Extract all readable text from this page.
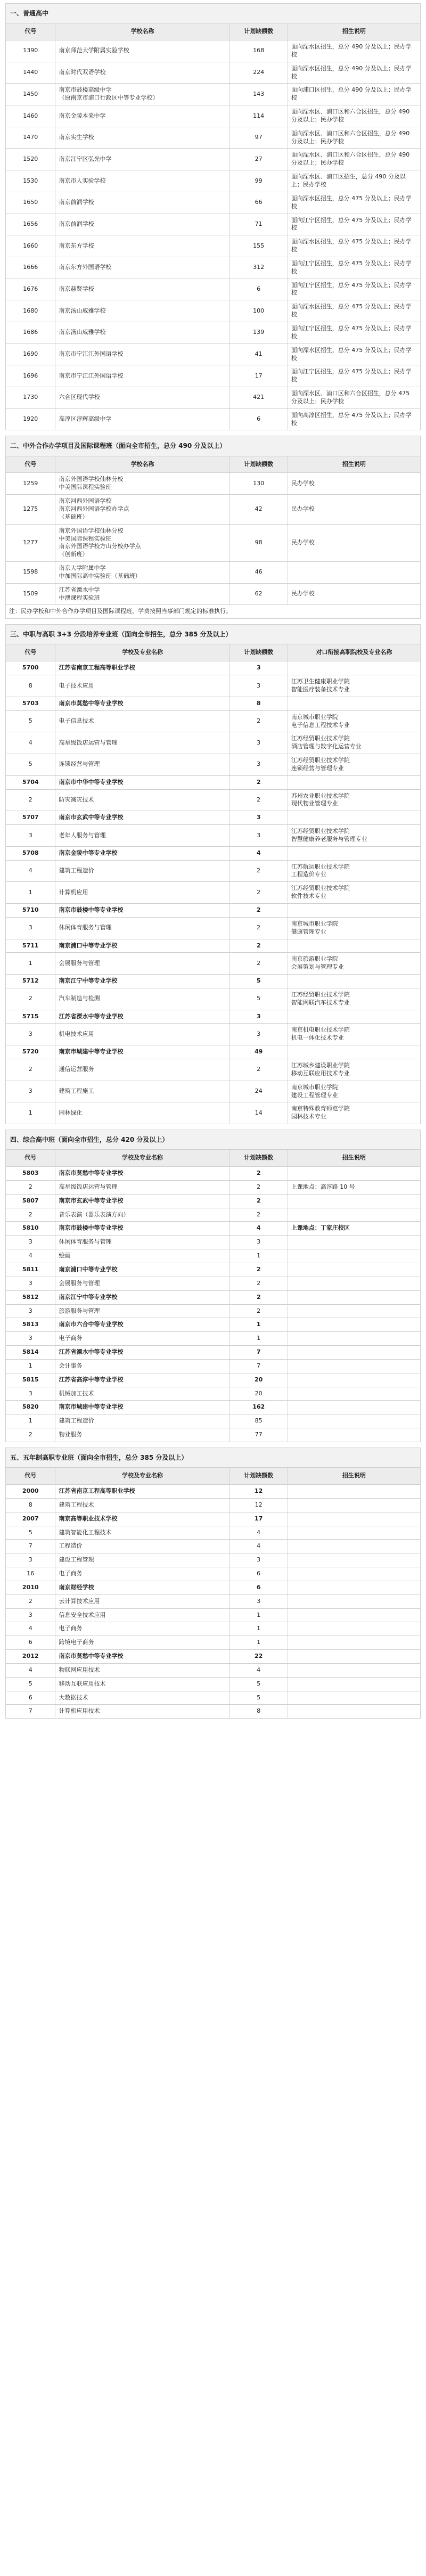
一、普通高中
代号	学校名称	计划缺额数	招生说明
1390	南京师范大学附属实验学校	168	面向溧水区招生，总分 490 分及以上；民办学校
1440	南京时代双语学校	224	面向溧水区招生，总分 490 分及以上；民办学校
1450	南京市鼓楼高级中学
（原南京市浦口行政区中等专业学校）	143	面向浦口区招生，总分 490 分及以上；民办学校
1460	南京金陵本来中学	114	面向溧水区、浦口区和六合区招生，总分 490 分及以上；民办学校
1470	南京实生学校	97	面向溧水区、浦口区和六合区招生，总分 490 分及以上；民办学校
1520	南京江宁区弘光中学	27	面向溧水区、浦口区和六合区招生，总分 490 分及以上；民办学校
1530	南京市人实验学校	99	面向溧水区、浦口区招生，总分 490 分及以上；民办学校
1650	南京前润学校	66	面向溧水区招生，总分 475 分及以上；民办学校
1656	南京前润学校	71	面向江宁区招生，总分 475 分及以上；民办学校
1660	南京东方学校	155	面向溧水区招生，总分 475 分及以上；民办学校
1666	南京东方外国语学校	312	面向江宁区招生，总分 475 分及以上；民办学校
1676	南京赫贤学校	6	面向江宁区招生，总分 475 分及以上；民办学校
1680	南京汤山威雅学校	100	面向溧水区招生，总分 475 分及以上；民办学校
1686	南京汤山威雅学校	139	面向江宁区招生，总分 475 分及以上；民办学校
1690	南京市宁江江外国语学校	41	面向溧水区招生，总分 475 分及以上；民办学校
1696	南京市宁江江外国语学校	17	面向江宁区招生，总分 475 分及以上；民办学校
1730	六合区现代学校	421	面向溧水区、浦口区和六合区招生，总分 475 分及以上；民办学校
1920	高淳区淳辉高级中学	6	面向高淳区招生，总分 475 分及以上；民办学校
二、中外合作办学项目及国际课程班（面向全市招生，总分 490 分及以上）
代号	学校名称	计划缺额数	招生说明
1259	南京外国语学校仙林分校
中美国际课程实验班	130	民办学校
1275	南京河西外国语学校
南京河西外国语学校办学点
（基础班）	42	民办学校
1277	南京外国语学校仙林分校
中美国际课程实验班
南京外国语学校方山分校办学点
（创新班）	98	民办学校
1598	南京大学附属中学
中加国际高中实验班（基础班）	46	
1509	江苏省溧水中学
中澳课程实验班	62	民办学校
注：民办学校和中外合作办学项目及国际课程班，学费按照当事部门规定的标准执行。			
三、中职与高职 3+3 分段培养专业班（面向全市招生，总分 385 分及以上）
代号	学校及专业名称	计划缺额数	对口衔接高职院校及专业名称
5700	江苏省南京工程高等职业学校	3	
8	电子技术应用	3	江苏卫生健康职业学院
智能医疗装备技术专业
5703	南京市莫愁中等专业学校	8	
5	电子信息技术	2	南京城市职业学院
电子信息工程技术专业
4	高星级饭店运营与管理	3	江苏经贸职业技术学院
酒店管理与数字化运营专业
5	连锁经营与管理	3	江苏经贸职业技术学院
连锁经营与管理专业
5704	南京市中华中等专业学校	2	
2	防灾减灾技术	2	苏州农业职业技术学院
现代物业管理专业
5707	南京市玄武中等专业学校	3	
3	老年人服务与管理	3	江苏经贸职业技术学院
智慧健康养老服务与管理专业
5708	南京金陵中等专业学校	4	
4	建筑工程造价	2	江苏航运职业技术学院
工程造价专业
1	计算机应用	2	江苏经贸职业技术学院
软件技术专业
5710	南京市鼓楼中等专业学校	2	
3	休闲体育服务与管理	2	南京城市职业学院
健康管理专业
5711	南京浦口中等专业学校	2	
1	会展服务与管理	2	南京旅游职业学院
会展策划与管理专业
5712	南京江宁中等专业学校	5	
2	汽车制造与检测	5	江苏经贸职业技术学院
智能网联汽车技术专业
5715	江苏省溧水中等专业学校	3	
3	机电技术应用	3	南京机电职业技术学院
机电一体化技术专业
5720	南京市城建中等专业学校	49	
2	通信运营服务	2	江苏城乡建设职业学院
移动互联应用技术专业
3	建筑工程施工	24	南京城市职业学院
建设工程管理专业
1	园林绿化	14	南京特殊教育师范学院
园林技术专业
四、综合高中班（面向全市招生，总分 420 分及以上）
代号	学校及专业名称	计划缺额数	招生说明
5803	南京市莫愁中等专业学校	2	
2	高星级饭店运营与管理	2	上课地点：高淳路 10 号
5807	南京市玄武中等专业学校	2	
2	音乐表演（器乐表演方向）	2	
5810	南京市鼓楼中等专业学校	4	上课地点：丁家庄校区
3	休闲体育服务与管理	3	
4	绘画	1	
5811	南京浦口中等专业学校	2	
3	会展服务与管理	2	
5812	南京江宁中等专业学校	2	
3	旅游服务与管理	2	
5813	南京市六合中等专业学校	1	
3	电子商务	1	
5814	江苏省溧水中等专业学校	7	
1	会计事务	7	
5815	江苏省高淳中等专业学校	20	
3	机械加工技术	20	
5820	南京市城建中等专业学校	162	
1	建筑工程造价	85	
2	物业服务	77	
五、五年制高职专业班（面向全市招生，总分 385 分及以上）
代号	学校及专业名称	计划缺额数	招生说明
2000	江苏省南京工程高等职业学校	12	
8	建筑工程技术	12	
2007	南京高等职业技术学校	17	
5	建筑智能化工程技术	4	
7	工程造价	4	
3	建设工程管理	3	
16	电子商务	6	
2010	南京财经学校	6	
2	云计算技术应用	3	
3	信息安全技术应用	1	
4	电子商务	1	
6	跨境电子商务	1	
2012	南京市莫愁中等专业学校	22	
4	物联网应用技术	4	
5	移动互联应用技术	5	
6	大数据技术	5	
7	计算机应用技术	8	
